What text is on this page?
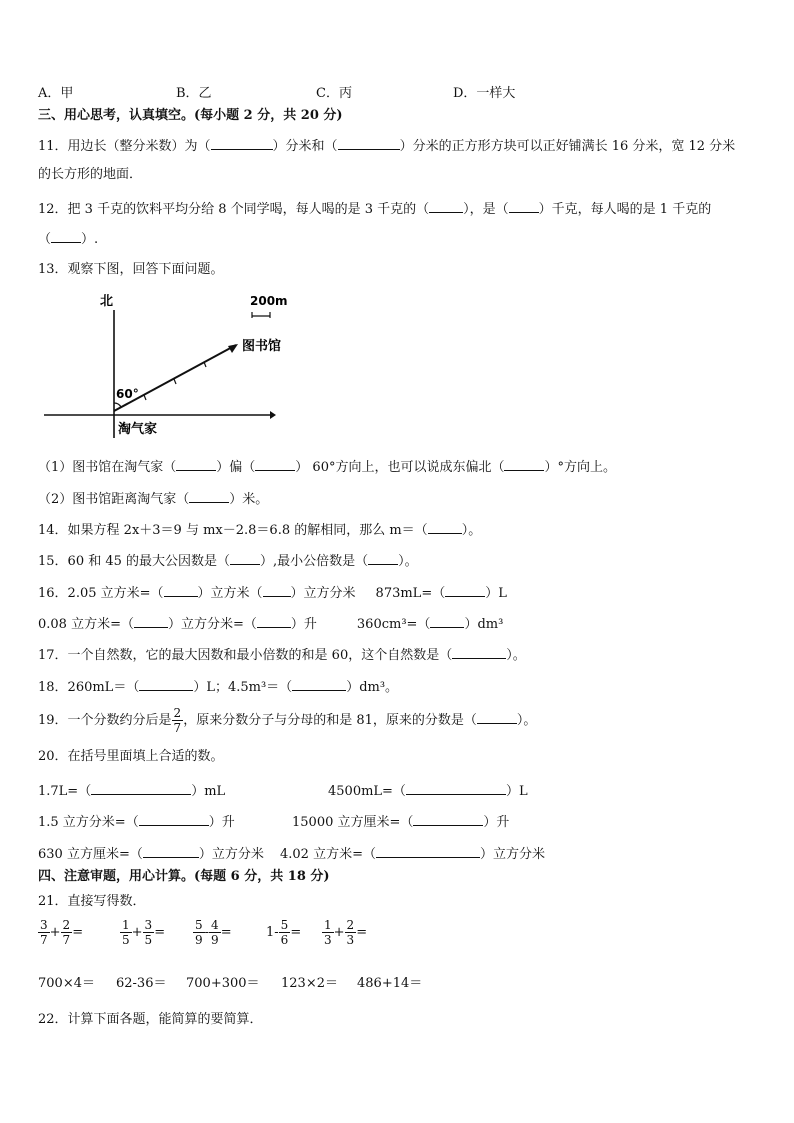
A．甲	B．乙	C．丙	D．一样大
三、用心思考，认真填空。(每小题 2 分，共 20 分)
11．用边长（整分米数）为（	）分米和（	）分米的正方形方块可以正好铺满长 16 分米，宽 12 分米
的长方形的地面．
12．把 3 千克的饮料平均分给 8 个同学喝，每人喝的是 3 千克的（	），是（ ）千克，每人喝的是 1 千克的
（ ）.
13．观察下图，回答下面问题。
北	200m
图书馆
60°
淘气家
（1）图书馆在淘气家（	）偏（	） 60°方向上，也可以说成东偏北（	）°方向上。
（2）图书馆距离淘气家（	）米。
14．如果方程 2x＋3＝9 与 mx－2.8＝6.8 的解相同，那么 m＝（	）。
15．60 和 45 的最大公因数是（ ）,最小公倍数是（ ）。
16．2.05 立方米=（	）立方米（ ）立方分米 873mL=（	）L
0.08 立方米=（	）立方分米=（	）升	360cm³=（	）dm³
17．一个自然数，它的最大因数和最小倍数的和是 60，这个自然数是（	）。
18．260mL＝（	）L；4.5m³＝（	）dm³。
19．一个分数约分后是 $\frac{2}{7}$ ，原来分数分子与分母的和是 81，原来的分数是（	）。
20．在括号里面填上合适的数。
1.7L=（	）mL	4500mL=（	）L
1.5 立方分米=（	）升	15000 立方厘米=（	）升
630 立方厘米=（	）立方分米 4.02 立方米=（	）立方分米
四、注意审题，用心计算。(每题 6 分，共 18 分)
21．直接写得数．
$\frac{3}{7} + \frac{2}{7}$ =	$\frac{1}{5} + \frac{3}{5} = \frac{5}{9} - \frac{4}{9}$ =	$1- \frac{5}{6} = \frac{1}{3} + \frac{2}{3}$ =
700×4＝ 62-36＝ 700+300＝ 123×2＝ 486+14＝
22．计算下面各题，能简算的要简算．
